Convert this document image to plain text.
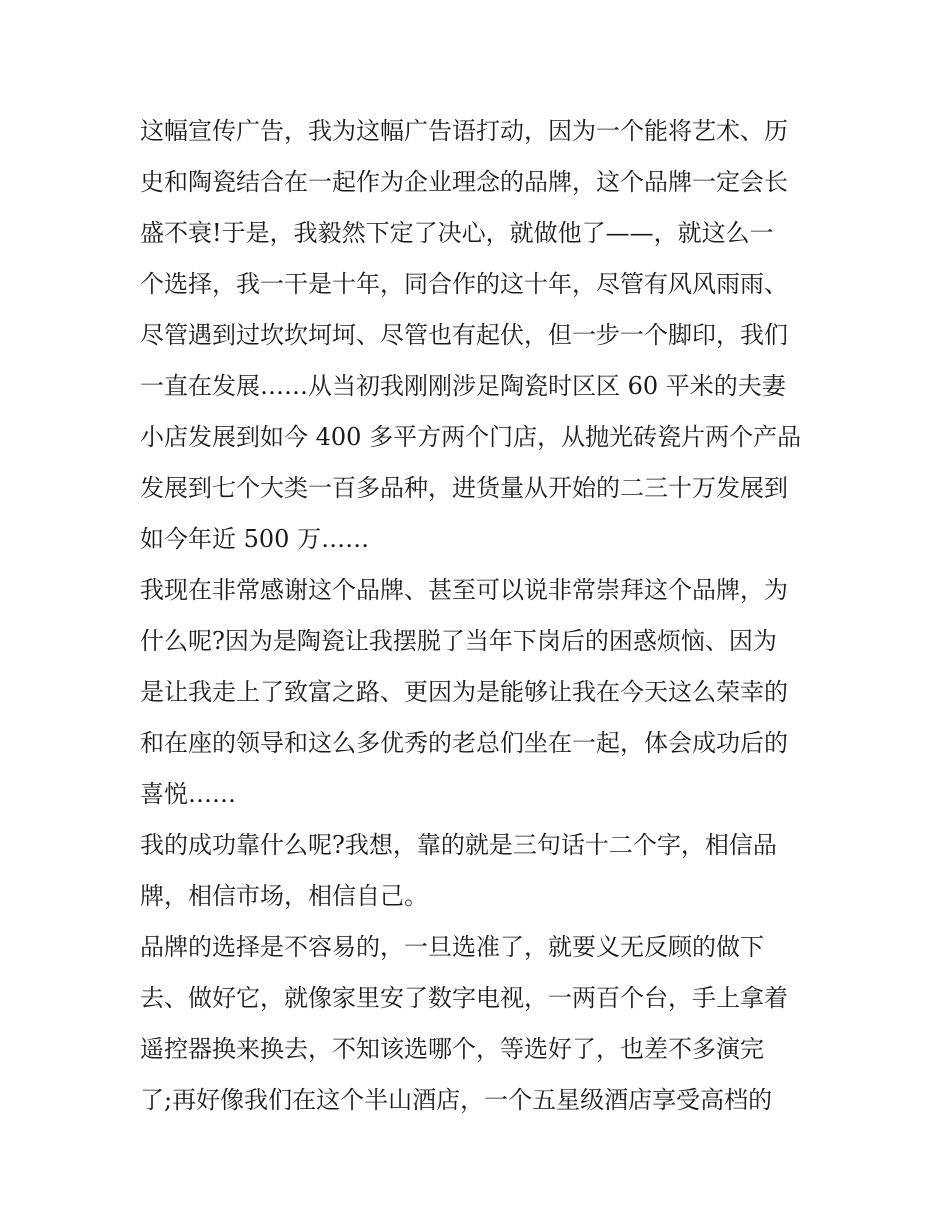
这幅宣传广告，我为这幅广告语打动，因为一个能将艺术、历
史和陶瓷结合在一起作为企业理念的品牌，这个品牌一定会长
盛不衰!于是，我毅然下定了决心，就做他了——，就这么一
个选择，我一干是十年，同合作的这十年，尽管有风风雨雨、
尽管遇到过坎坎坷坷、尽管也有起伏，但一步一个脚印，我们
一直在发展……从当初我刚刚涉足陶瓷时区区 60 平米的夫妻
小店发展到如今 400 多平方两个门店，从抛光砖瓷片两个产品
发展到七个大类一百多品种，进货量从开始的二三十万发展到
如今年近 500 万……
我现在非常感谢这个品牌、甚至可以说非常崇拜这个品牌，为
什么呢?因为是陶瓷让我摆脱了当年下岗后的困惑烦恼、因为
是让我走上了致富之路、更因为是能够让我在今天这么荣幸的
和在座的领导和这么多优秀的老总们坐在一起，体会成功后的
喜悦……
我的成功靠什么呢?我想，靠的就是三句话十二个字，相信品
牌，相信市场，相信自己。
品牌的选择是不容易的，一旦选准了，就要义无反顾的做下
去、做好它，就像家里安了数字电视，一两百个台，手上拿着
遥控器换来换去，不知该选哪个，等选好了，也差不多演完
了;再好像我们在这个半山酒店，一个五星级酒店享受高档的
